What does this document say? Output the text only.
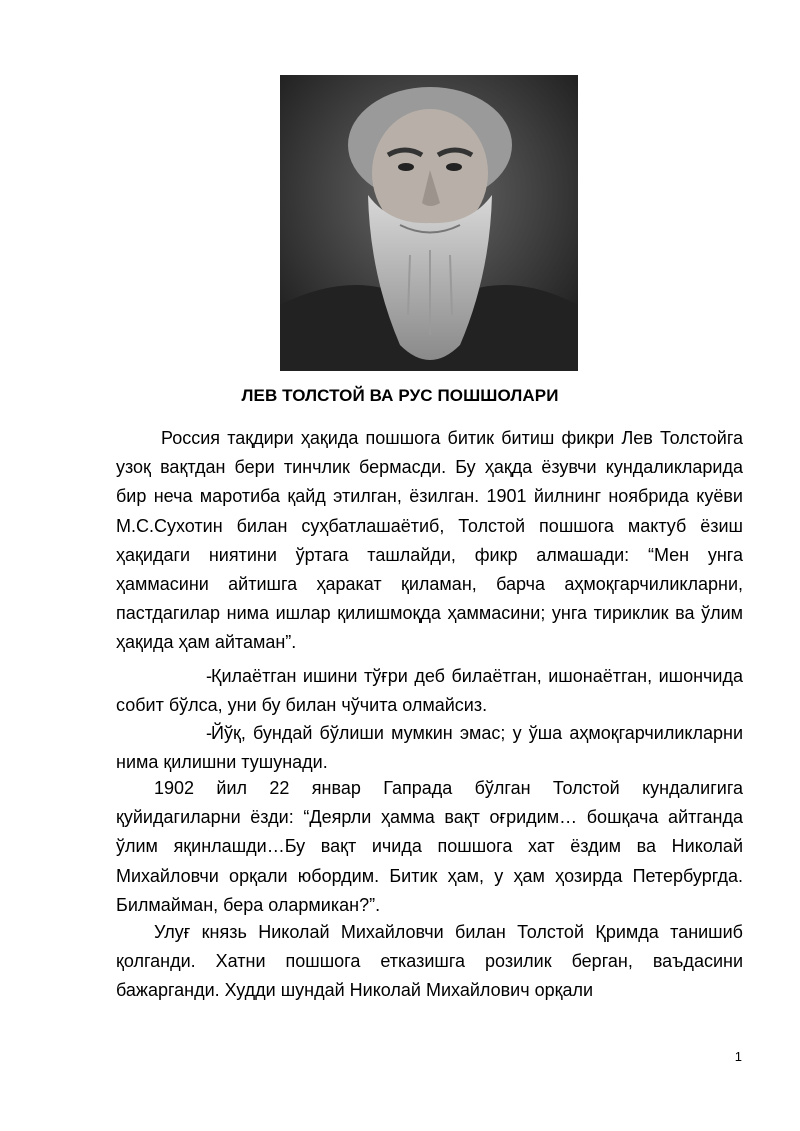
ЛЕВ ТОЛСТОЙ ВА РУС ПОШШОЛАРИ

Россия тақдири ҳақида пошшога битик битиш фикри Лев Толстойга узоқ вақтдан бери тинчлик бермасди. Бу ҳақда ёзувчи кундаликларида бир неча маротиба қайд этилган, ёзилган. 1901 йилнинг ноябрида куёви М.С.Сухотин билан суҳбатлашаётиб, Толстой пошшога мактуб ёзиш ҳақидаги ниятини ўртага ташлайди, фикр алмашади: “Мен унга ҳаммасини айтишга ҳаракат қиламан, барча аҳмоқгарчиликларни, пастдагилар нима ишлар қилишмоқда ҳаммасини; унга тириклик ва ўлим ҳақида ҳам айтаман”.

-Қилаётган ишини тўғри деб билаётган, ишонаётган, ишончида собит бўлса, уни бу билан чўчита олмайсиз.

-Йўқ, бундай бўлиши мумкин эмас; у ўша аҳмоқгарчиликларни нима қилишни тушунади.

1902 йил 22 январ Гапрада бўлган Толстой кундалигига қуйидагиларни ёзди: “Деярли ҳамма вақт оғридим… бошқача айтганда ўлим яқинлашди…Бу вақт ичида пошшога хат ёздим ва Николай Михайловчи орқали юбордим. Битик ҳам, у ҳам ҳозирда Петербургда. Билмайман, бера олармикан?”.

Улуғ князь Николай Михайловчи билан Толстой Қримда танишиб қолганди. Хатни пошшога етказишга розилик берган, ваъдасини бажарганди. Худди шундай Николай Михайлович орқали

1
